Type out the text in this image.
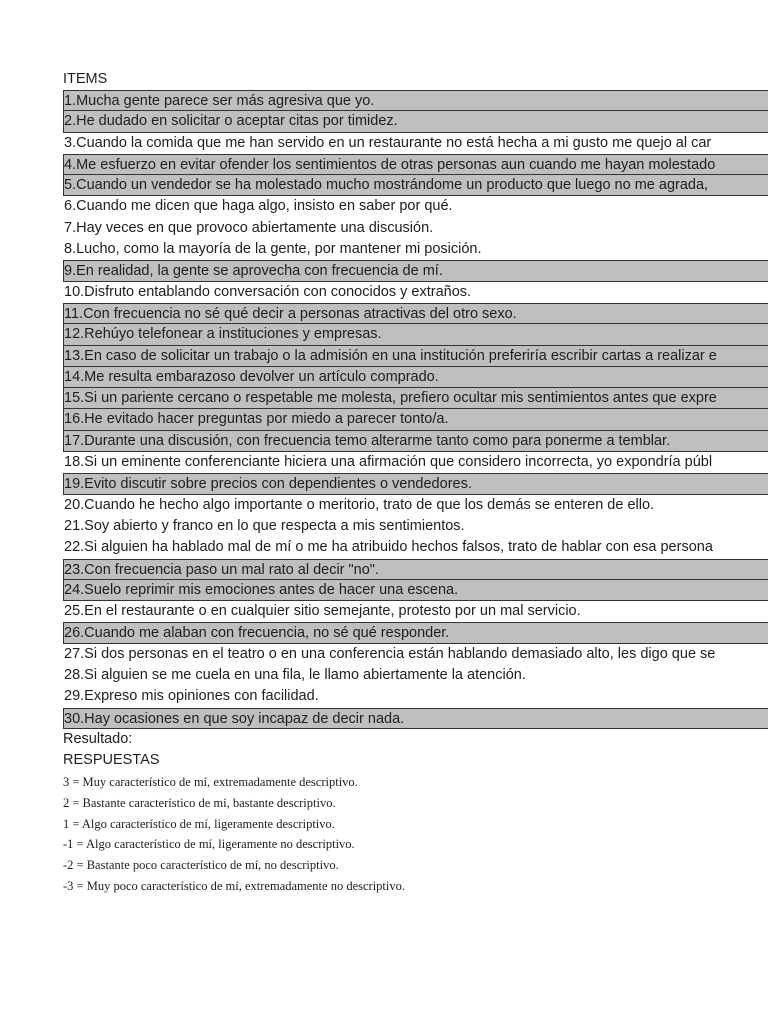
ITEMS
1.Mucha gente parece ser más agresiva que yo.
2.He dudado en solicitar o aceptar citas por timidez.
3.Cuando la comida que me han servido en un restaurante no está hecha a mi gusto me quejo al car
4.Me esfuerzo en evitar ofender los sentimientos de otras personas aun cuando me hayan molestado
5.Cuando un vendedor se ha molestado mucho mostrándome un producto que luego no me agrada,
6.Cuando me dicen que haga algo, insisto en saber por qué.
7.Hay veces en que provoco abiertamente una discusión.
8.Lucho, como la mayoría de la gente, por mantener mi posición.
9.En realidad, la gente se aprovecha con frecuencia de mí.
10.Disfruto entablando conversación con conocidos y extraños.
11.Con frecuencia no sé qué decir a personas atractivas del otro sexo.
12.Rehúyo telefonear a instituciones y empresas.
13.En caso de solicitar un trabajo o la admisión en una institución preferiría escribir cartas a realizar e
14.Me resulta embarazoso devolver un artículo comprado.
15.Si un pariente cercano o respetable me molesta, prefiero ocultar mis sentimientos antes que expre
16.He evitado hacer preguntas por miedo a parecer tonto/a.
17.Durante una discusión, con frecuencia temo alterarme tanto como para ponerme a temblar.
18.Si un eminente conferenciante hiciera una afirmación que considero incorrecta, yo expondría públ
19.Evito discutir sobre precios con dependientes o vendedores.
20.Cuando he hecho algo importante o meritorio, trato de que los demás se enteren de ello.
21.Soy abierto y franco en lo que respecta a mis sentimientos.
22.Si alguien ha hablado mal de mí o me ha atribuido hechos falsos, trato de hablar con esa persona
23.Con frecuencia paso un mal rato al decir "no".
24.Suelo reprimir mis emociones antes de hacer una escena.
25.En el restaurante o en cualquier sitio semejante, protesto por un mal servicio.
26.Cuando me alaban con frecuencia, no sé qué responder.
27.Si dos personas en el teatro o en una conferencia están hablando demasiado alto, les digo que se
28.Si alguien se me cuela en una fila, le llamo abiertamente la atención.
29.Expreso mis opiniones con facilidad.
30.Hay ocasiones en que soy incapaz de decir nada.
Resultado:
RESPUESTAS
3 = Muy característico de mí, extremadamente descriptivo.
2 = Bastante característico de mí, bastante descriptivo.
1 = Algo característico de mí, ligeramente descriptivo.
-1 = Algo característico de mí, ligeramente no descriptivo.
-2 = Bastante poco característico de mí, no descriptivo.
-3 = Muy poco característico de mí, extremadamente no descriptivo.
